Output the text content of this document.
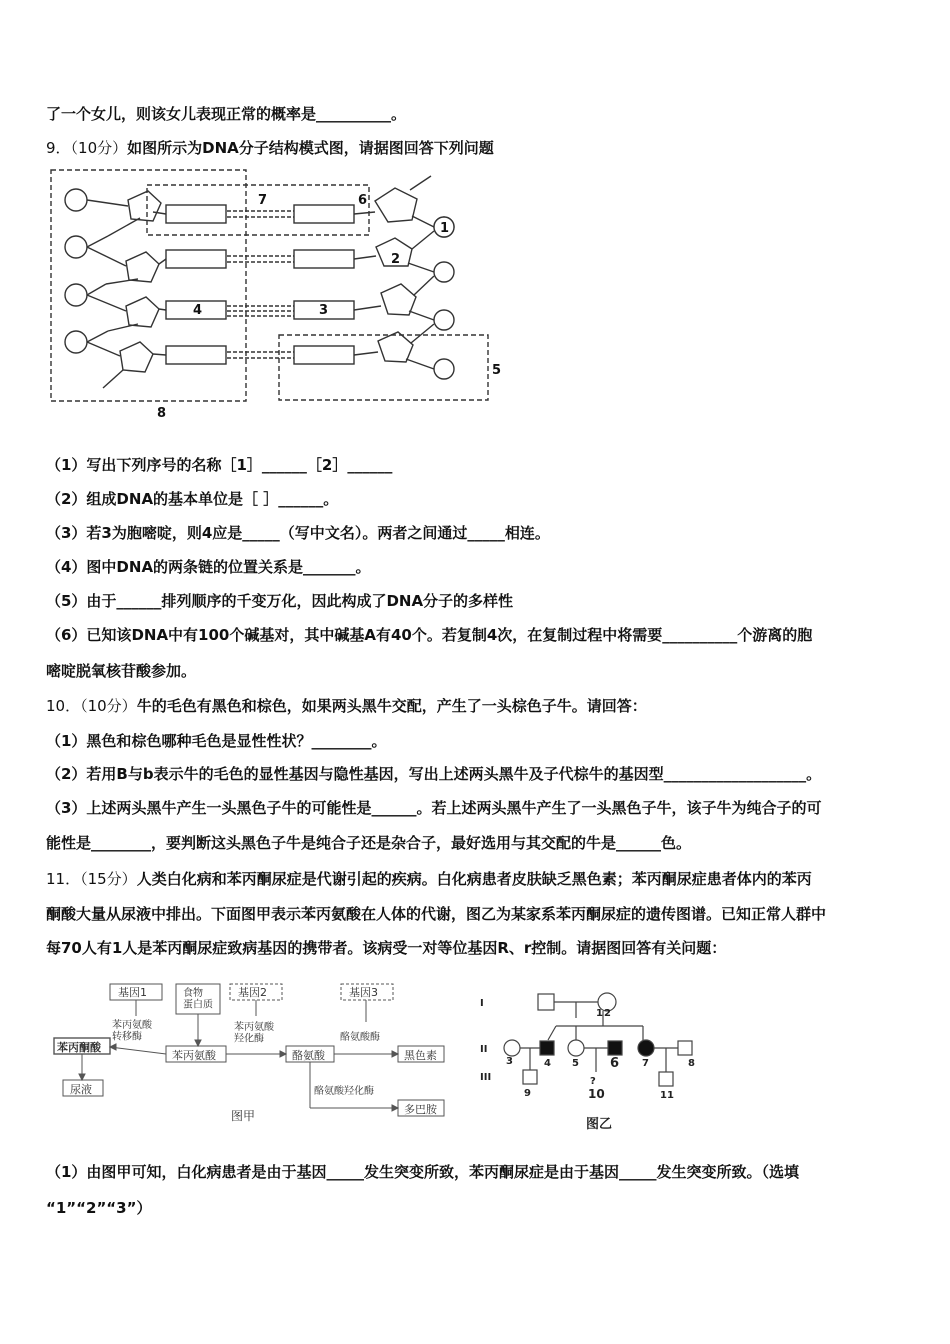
了一个女儿，则该女儿表现正常的概率是__________。
9．（10分）如图所示为DNA分子结构模式图，请据图回答下列问题
7	6
1
2
4	3
5
8
（1）写出下列序号的名称［1］______［2］______
（2）组成DNA的基本单位是［ ］______。
（3）若3为胞嘧啶，则4应是_____（写中文名）。两者之间通过_____相连。
（4）图中DNA的两条链的位置关系是_______。
（5）由于______排列顺序的千变万化，因此构成了DNA分子的多样性
（6）已知该DNA中有100个碱基对，其中碱基A有40个。若复制4次，在复制过程中将需要__________个游离的胞
嘧啶脱氧核苷酸参加。
10．（10分）牛的毛色有黑色和棕色，如果两头黑牛交配，产生了一头棕色子牛。请回答：
（1）黑色和棕色哪种毛色是显性性状？________。
（2）若用B与b表示牛的毛色的显性基因与隐性基因，写出上述两头黑牛及子代棕牛的基因型___________________。
（3）上述两头黑牛产生一头黑色子牛的可能性是______。若上述两头黑牛产生了一头黑色子牛，该子牛为纯合子的可
能性是________，要判断这头黑色子牛是纯合子还是杂合子，最好选用与其交配的牛是______色。
11．（15分）人类白化病和苯丙酮尿症是代谢引起的疾病。白化病患者皮肤缺乏黑色素；苯丙酮尿症患者体内的苯丙
酮酸大量从尿液中排出。下面图甲表示苯丙氨酸在人体的代谢，图乙为某家系苯丙酮尿症的遗传图谱。已知正常人群中
每70人有1人是苯丙酮尿症致病基因的携带者。该病受一对等位基因R、r控制。请据图回答有关问题：
基因1	食物蛋白质
基因2	基因3
苯丙氨酸转移酶
苯丙氨酸羟化酶	酪氨酸酶
酪氨酸羟化酶
苯丙酮酸
苯丙氨酸	酪氨酸	黑色素
尿液
多巴胺
图甲
I
II
III
1 2
3	4 5 6 7	8
9
?
10	11
图乙
（1）由图甲可知，白化病患者是由于基因_____发生突变所致，苯丙酮尿症是由于基因_____发生突变所致。（选填
“1”“2”“3”）
